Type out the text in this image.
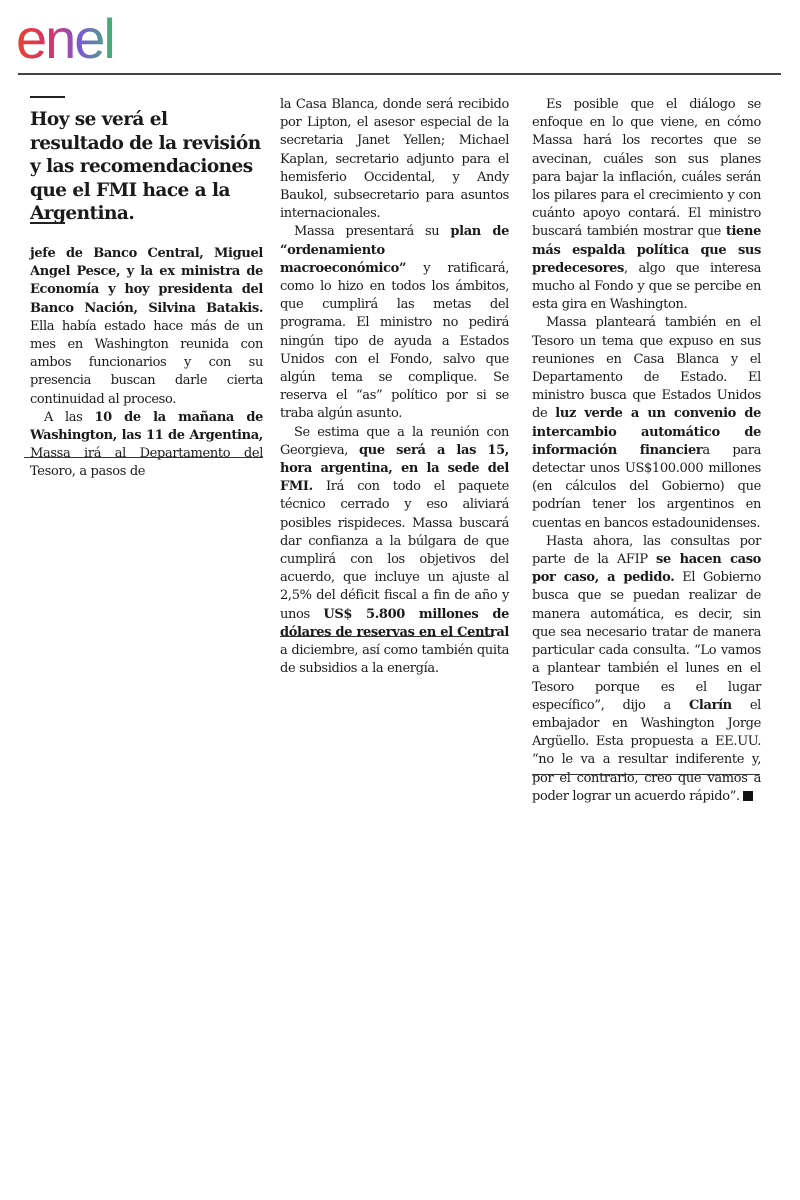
enel
Hoy se verá el resultado de la revisión y las recomendaciones que el FMI hace a la Argentina.

jefe de Banco Central, Miguel Angel Pesce, y la ex ministra de Economía y hoy presidenta del Banco Nación, Silvina Batakis. Ella había estado hace más de un mes en Washington reunida con ambos funcionarios y con su presencia buscan darle cierta continuidad al proceso.

A las 10 de la mañana de Washington, las 11 de Argentina, Massa irá al Departamento del Tesoro, a pasos de

la Casa Blanca, donde será recibido por Lipton, el asesor especial de la secretaria Janet Yellen; Michael Kaplan, secretario adjunto para el hemisferio Occidental, y Andy Baukol, subsecretario para asuntos internacionales.

Massa presentará su plan de “ordenamiento macroeconómico” y ratificará, como lo hizo en todos los ámbitos, que cumplirá las metas del programa. El ministro no pedirá ningún tipo de ayuda a Estados Unidos con el Fondo, salvo que algún tema se complique. Se reserva el “as” político por si se traba algún asunto.

Se estima que a la reunión con Georgieva, que será a las 15, hora argentina, en la sede del FMI. Irá con todo el paquete técnico cerrado y eso aliviará posibles rispideces. Massa buscará dar confianza a la búlgara de que cumplirá con los objetivos del acuerdo, que incluye un ajuste al 2,5% del déficit fiscal a fin de año y unos US$ 5.800 millones de dólares de reservas en el Central a diciembre, así como también quita de subsidios a la energía.

Es posible que el diálogo se enfoque en lo que viene, en cómo Massa hará los recortes que se avecinan, cuáles son sus planes para bajar la inflación, cuáles serán los pilares para el crecimiento y con cuánto apoyo contará. El ministro buscará también mostrar que tiene más espalda política que sus predecesores, algo que interesa mucho al Fondo y que se percibe en esta gira en Washington.

Massa planteará también en el Tesoro un tema que expuso en sus reuniones en Casa Blanca y el Departamento de Estado. El ministro busca que Estados Unidos de luz verde a un convenio de intercambio automático de información financiera para detectar unos US$100.000 millones (en cálculos del Gobierno) que podrían tener los argentinos en cuentas en bancos estadounidenses.

Hasta ahora, las consultas por parte de la AFIP se hacen caso por caso, a pedido. El Gobierno busca que se puedan realizar de manera automática, es decir, sin que sea necesario tratar de manera particular cada consulta. “Lo vamos a plantear también el lunes en el Tesoro porque es el lugar específico”, dijo a Clarín el embajador en Washington Jorge Argüello. Esta propuesta a EE.UU. “no le va a resultar indiferente y, por el contrario, creo que vamos a poder lograr un acuerdo rápido”.
